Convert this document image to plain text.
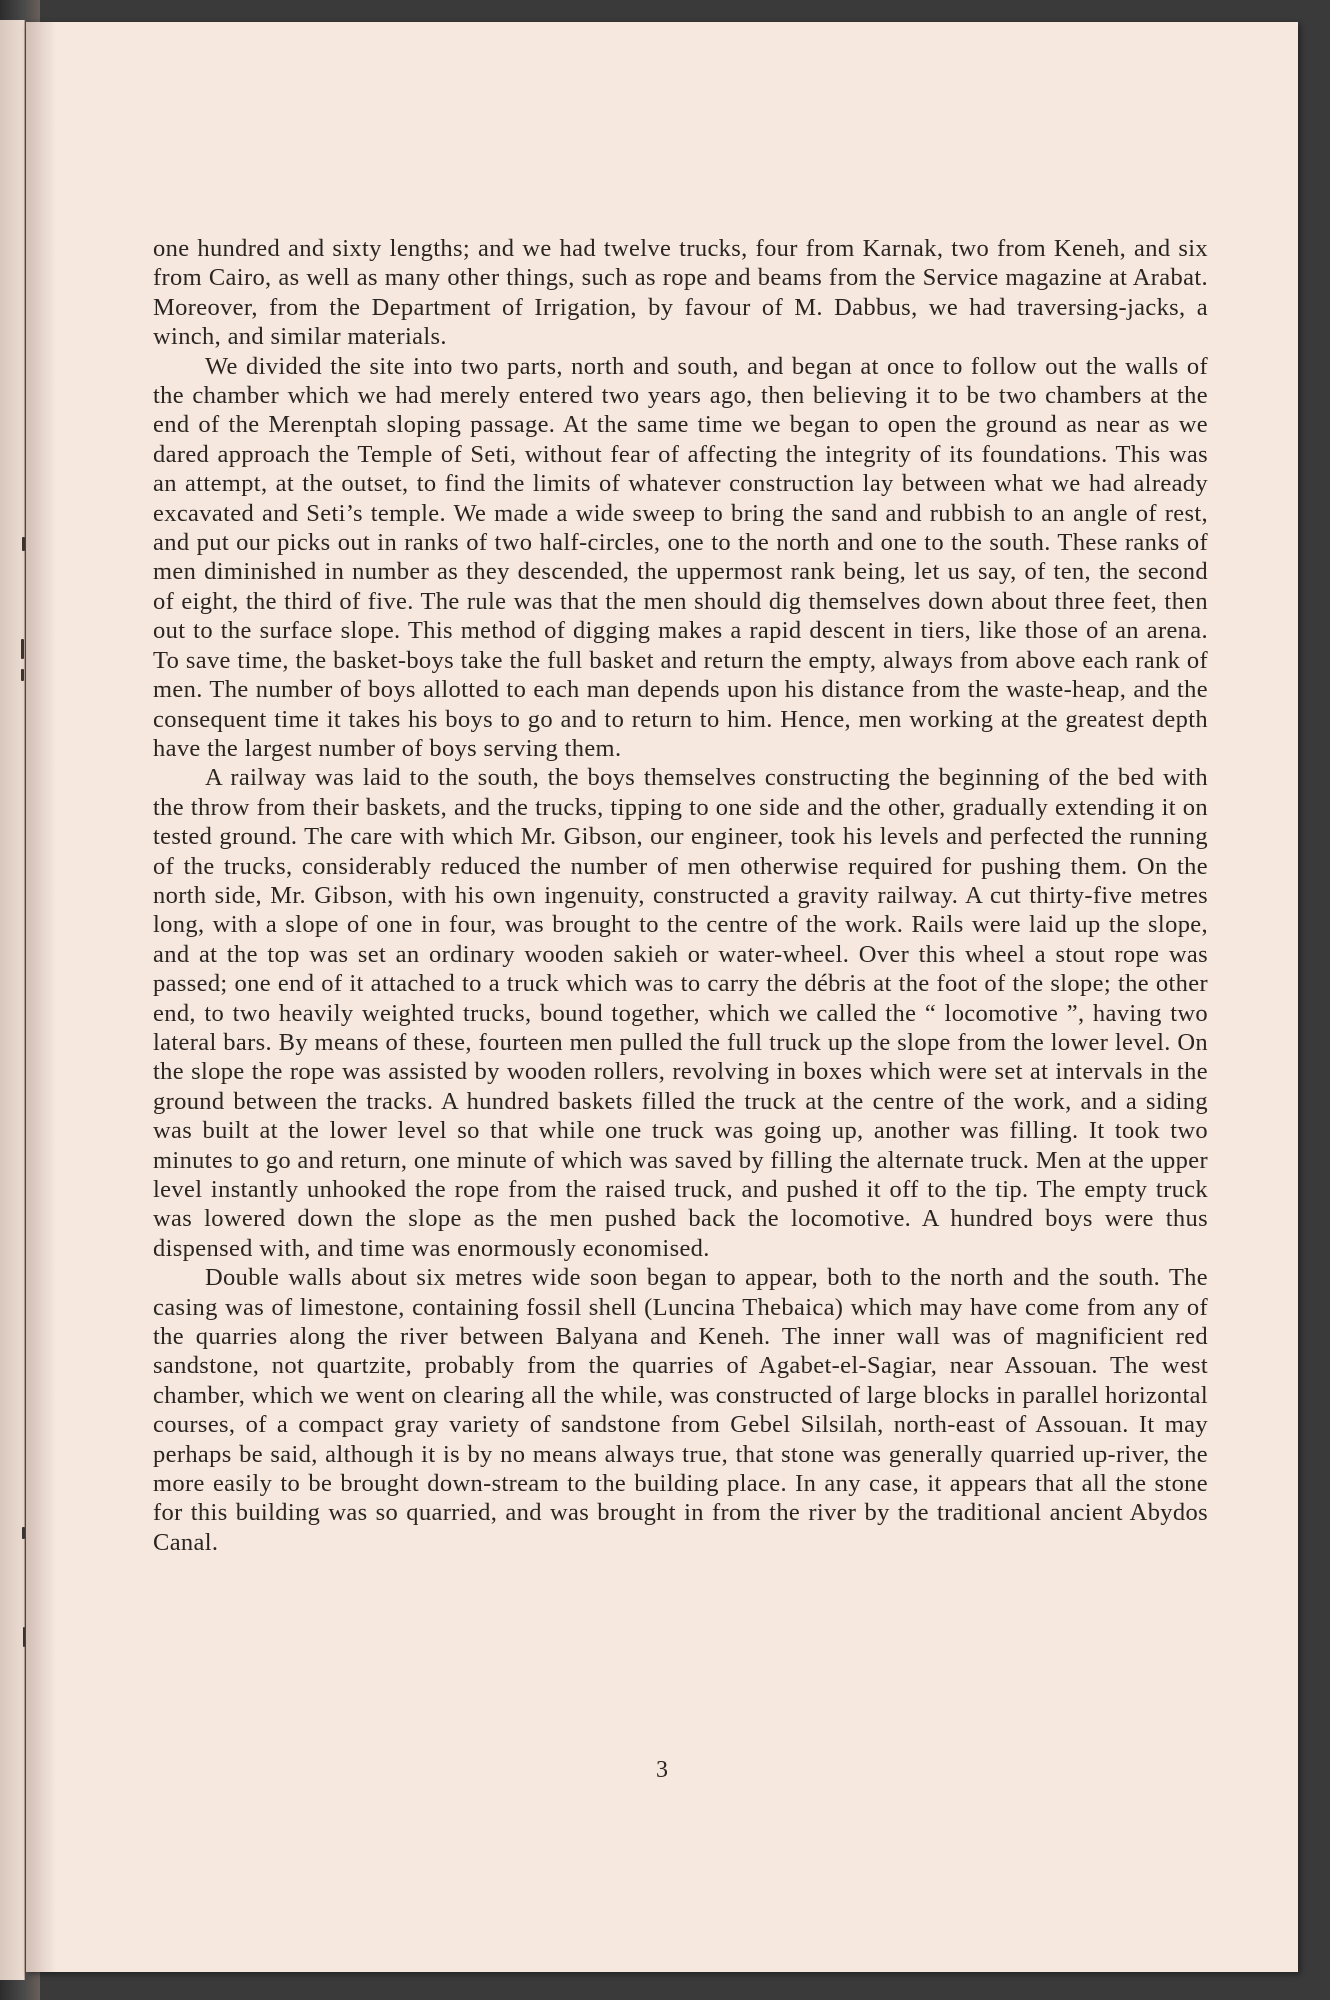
one hundred and sixty lengths; and we had twelve trucks, four from Karnak, two from Keneh, and six from Cairo, as well as many other things, such as rope and beams from the Service magazine at Arabat. Moreover, from the Department of Irrigation, by favour of M. Dabbus, we had traversing-jacks, a winch, and similar materials.

We divided the site into two parts, north and south, and began at once to follow out the walls of the chamber which we had merely entered two years ago, then believing it to be two chambers at the end of the Merenptah sloping passage. At the same time we began to open the ground as near as we dared approach the Temple of Seti, without fear of affecting the integrity of its foundations. This was an attempt, at the outset, to find the limits of whatever construction lay between what we had already excavated and Seti’s temple. We made a wide sweep to bring the sand and rubbish to an angle of rest, and put our picks out in ranks of two half-circles, one to the north and one to the south. These ranks of men diminished in number as they descended, the uppermost rank being, let us say, of ten, the second of eight, the third of five. The rule was that the men should dig themselves down about three feet, then out to the surface slope. This method of digging makes a rapid descent in tiers, like those of an arena. To save time, the basket-boys take the full basket and return the empty, always from above each rank of men. The number of boys allotted to each man depends upon his distance from the waste-heap, and the consequent time it takes his boys to go and to return to him. Hence, men working at the greatest depth have the largest number of boys serving them.

A railway was laid to the south, the boys themselves constructing the beginning of the bed with the throw from their baskets, and the trucks, tipping to one side and the other, gradually extending it on tested ground. The care with which Mr. Gibson, our engineer, took his levels and perfected the running of the trucks, considerably reduced the number of men otherwise required for pushing them. On the north side, Mr. Gibson, with his own ingenuity, constructed a gravity railway. A cut thirty-five metres long, with a slope of one in four, was brought to the centre of the work. Rails were laid up the slope, and at the top was set an ordinary wooden sakieh or water-wheel. Over this wheel a stout rope was passed; one end of it attached to a truck which was to carry the débris at the foot of the slope; the other end, to two heavily weighted trucks, bound together, which we called the “ locomotive ”, having two lateral bars. By means of these, fourteen men pulled the full truck up the slope from the lower level. On the slope the rope was assisted by wooden rollers, revolving in boxes which were set at intervals in the ground between the tracks. A hundred baskets filled the truck at the centre of the work, and a siding was built at the lower level so that while one truck was going up, another was filling. It took two minutes to go and return, one minute of which was saved by filling the alternate truck. Men at the upper level instantly unhooked the rope from the raised truck, and pushed it off to the tip. The empty truck was lowered down the slope as the men pushed back the locomotive. A hundred boys were thus dispensed with, and time was enormously economised.

Double walls about six metres wide soon began to appear, both to the north and the south. The casing was of limestone, containing fossil shell (Luncina Thebaica) which may have come from any of the quarries along the river between Balyana and Keneh. The inner wall was of magnificient red sandstone, not quartzite, probably from the quarries of Agabet-el-Sagiar, near Assouan. The west chamber, which we went on clearing all the while, was constructed of large blocks in parallel horizontal courses, of a compact gray variety of sandstone from Gebel Silsilah, north-east of Assouan. It may perhaps be said, although it is by no means always true, that stone was generally quarried up-river, the more easily to be brought down-stream to the building place. In any case, it appears that all the stone for this building was so quarried, and was brought in from the river by the traditional ancient Abydos Canal.

3
